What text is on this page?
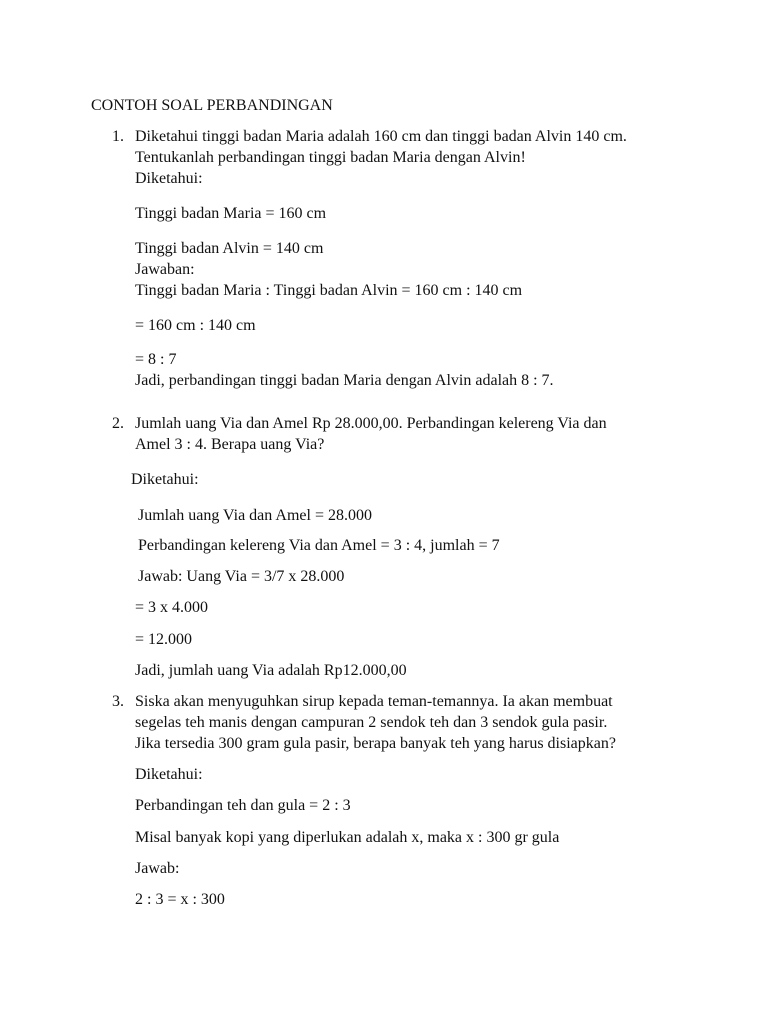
CONTOH SOAL PERBANDINGAN
1. Diketahui tinggi badan Maria adalah 160 cm dan tinggi badan Alvin 140 cm.
Tentukanlah perbandingan tinggi badan Maria dengan Alvin!
Diketahui:
Tinggi badan Maria = 160 cm
Tinggi badan Alvin = 140 cm
Jawaban:
Tinggi badan Maria : Tinggi badan Alvin = 160 cm : 140 cm
= 160 cm : 140 cm
= 8 : 7
Jadi, perbandingan tinggi badan Maria dengan Alvin adalah 8 : 7.
2. Jumlah uang Via dan Amel Rp 28.000,00. Perbandingan kelereng Via dan
Amel 3 : 4. Berapa uang Via?
Diketahui:
Jumlah uang Via dan Amel = 28.000
Perbandingan kelereng Via dan Amel = 3 : 4, jumlah = 7
Jawab: Uang Via = 3/7 x 28.000
= 3 x 4.000
= 12.000
Jadi, jumlah uang Via adalah Rp12.000,00
3. Siska akan menyuguhkan sirup kepada teman-temannya. Ia akan membuat
segelas teh manis dengan campuran 2 sendok teh dan 3 sendok gula pasir.
Jika tersedia 300 gram gula pasir, berapa banyak teh yang harus disiapkan?
Diketahui:
Perbandingan teh dan gula = 2 : 3
Misal banyak kopi yang diperlukan adalah x, maka x : 300 gr gula
Jawab:
2 : 3 = x : 300
